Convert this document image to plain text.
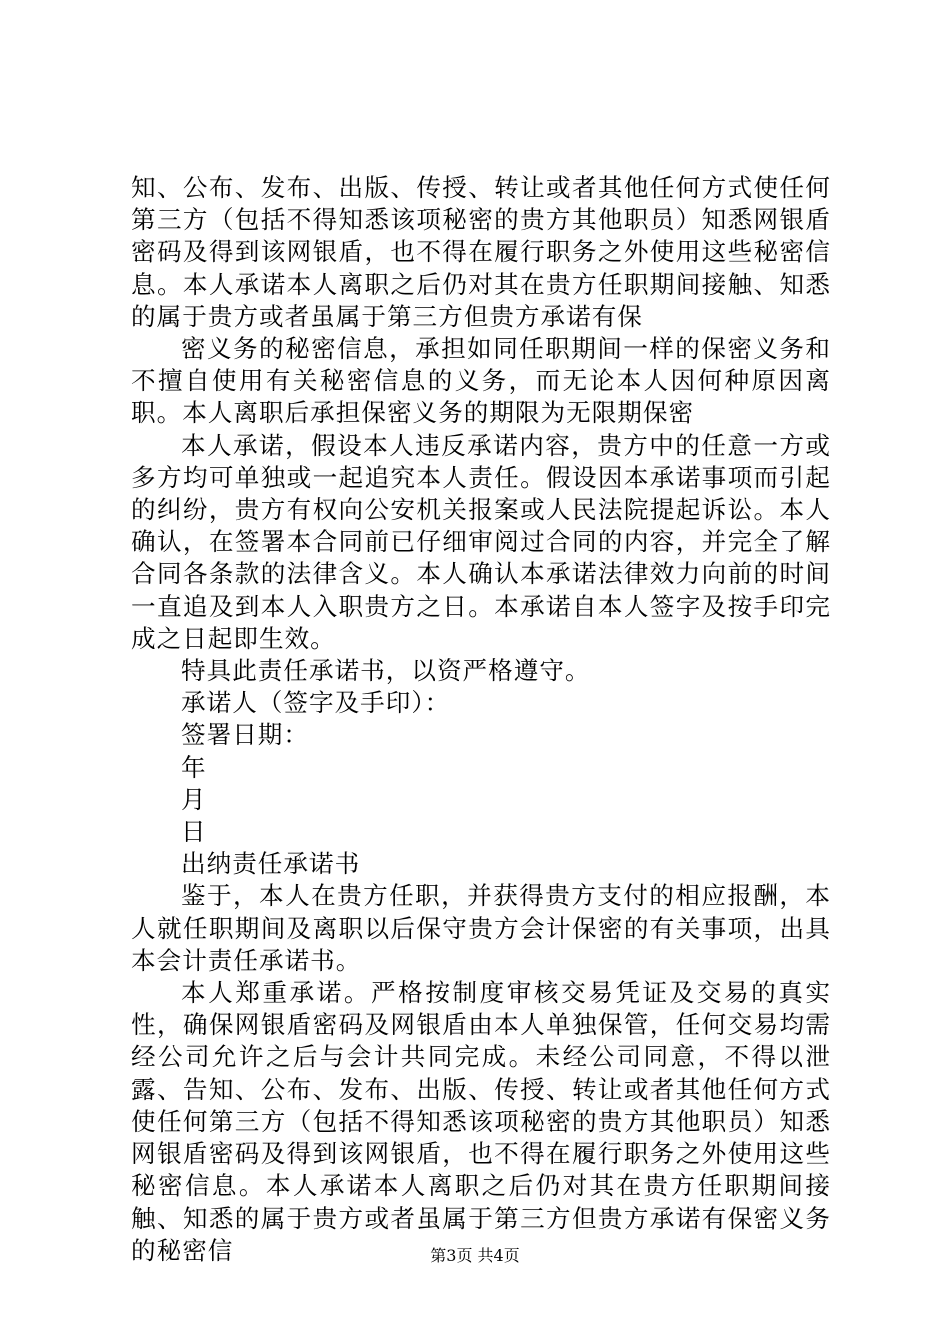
知、公布、发布、出版、传授、转让或者其他任何方式使任何第三方（包括不得知悉该项秘密的贵方其他职员）知悉网银盾密码及得到该网银盾，也不得在履行职务之外使用这些秘密信息。本人承诺本人离职之后仍对其在贵方任职期间接触、知悉的属于贵方或者虽属于第三方但贵方承诺有保

密义务的秘密信息，承担如同任职期间一样的保密义务和不擅自使用有关秘密信息的义务，而无论本人因何种原因离职。本人离职后承担保密义务的期限为无限期保密

本人承诺，假设本人违反承诺内容，贵方中的任意一方或多方均可单独或一起追究本人责任。假设因本承诺事项而引起的纠纷，贵方有权向公安机关报案或人民法院提起诉讼。本人确认，在签署本合同前已仔细审阅过合同的内容，并完全了解合同各条款的法律含义。本人确认本承诺法律效力向前的时间一直追及到本人入职贵方之日。本承诺自本人签字及按手印完成之日起即生效。

特具此责任承诺书，以资严格遵守。

承诺人（签字及手印）：

签署日期：

年

月

日

出纳责任承诺书

鉴于，本人在贵方任职，并获得贵方支付的相应报酬，本人就任职期间及离职以后保守贵方会计保密的有关事项，出具本会计责任承诺书。

本人郑重承诺。严格按制度审核交易凭证及交易的真实性，确保网银盾密码及网银盾由本人单独保管，任何交易均需经公司允许之后与会计共同完成。未经公司同意，不得以泄露、告知、公布、发布、出版、传授、转让或者其他任何方式使任何第三方（包括不得知悉该项秘密的贵方其他职员）知悉网银盾密码及得到该网银盾，也不得在履行职务之外使用这些秘密信息。本人承诺本人离职之后仍对其在贵方任职期间接触、知悉的属于贵方或者虽属于第三方但贵方承诺有保密义务的秘密信	第3页 共4页
